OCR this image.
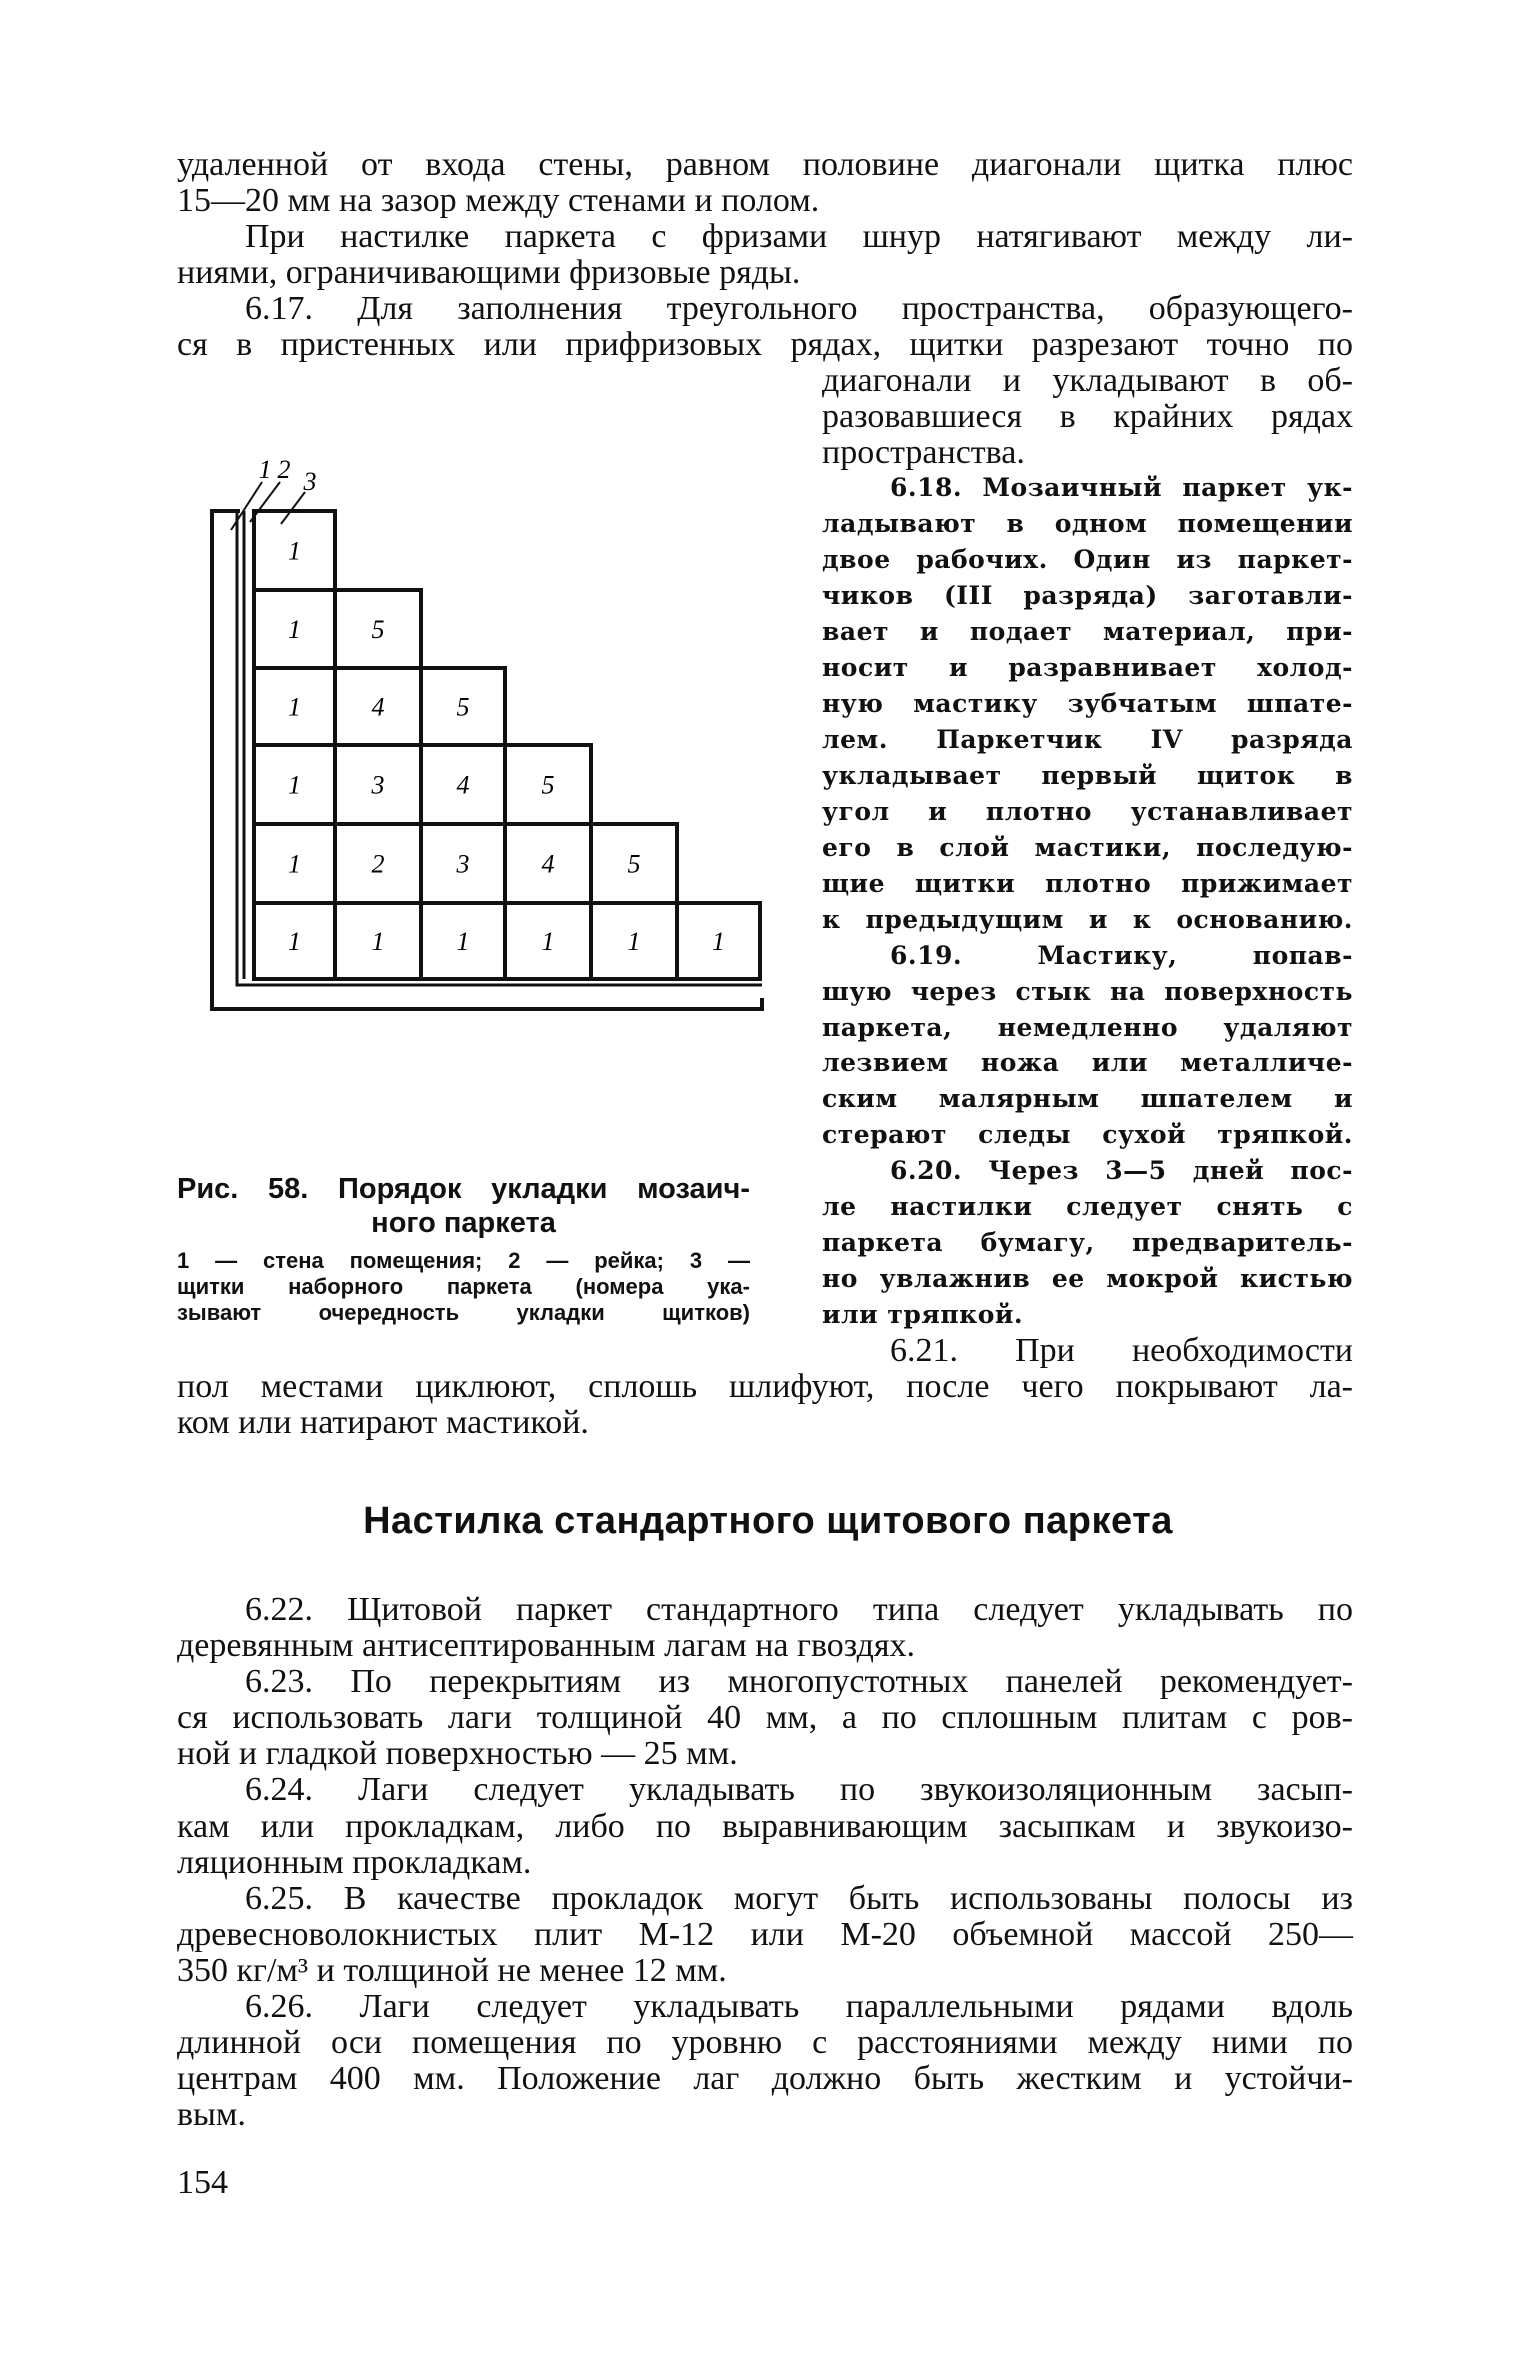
удаленной от входа стены, равном половине диагонали щитка плюс
15—20 мм на зазор между стенами и полом.
При настилке паркета с фризами шнур натягивают между ли-
ниями, ограничивающими фризовые ряды.
6.17. Для заполнения треугольного пространства, образующего-
ся в пристенных или прифризовых рядах, щитки разрезают точно по
диагонали и укладывают в об-
разовавшиеся в крайних рядах
пространства.
6.18. Мозаичный паркет ук-
ладывают в одном помещении
двое рабочих. Один из паркет-
чиков (III разряда) заготавли-
вает и подает материал, при-
носит и разравнивает холод-
ную мастику зубчатым шпате-
лем. Паркетчик IV разряда
укладывает первый щиток в
угол и плотно устанавливает
его в слой мастики, последую-
щие щитки плотно прижимает
к предыдущим и к основанию.
6.19. Мастику, попав-
шую через стык на поверхность
паркета, немедленно удаляют
лезвием ножа или металличе-
ским малярным шпателем и
стерают следы сухой тряпкой.
6.20. Через 3—5 дней пос-
ле настилки следует снять с
паркета бумагу, предваритель-
но увлажнив ее мокрой кистью
или тряпкой.
6.21. При необходимости
пол местами циклюют, сплошь шлифуют, после чего покрывают ла-
ком или натирают мастикой.
1 2 3
1
1	5
1	4	5
1	3	4	5
1	2	3	4	5
1	1	1	1	1	1
Рис. 58. Порядок укладки мозаич-
ного паркета
1 — стена помещения; 2 — рейка; 3 —
щитки наборного паркета (номера ука-
зывают очередность укладки щитков)
Настилка стандартного щитового паркета
6.22. Щитовой паркет стандартного типа следует укладывать по
деревянным антисептированным лагам на гвоздях.
6.23. По перекрытиям из многопустотных панелей рекомендует-
ся использовать лаги толщиной 40 мм, а по сплошным плитам с ров-
ной и гладкой поверхностью — 25 мм.
6.24. Лаги следует укладывать по звукоизоляционным засып-
кам или прокладкам, либо по выравнивающим засыпкам и звукоизо-
ляционным прокладкам.
6.25. В качестве прокладок могут быть использованы полосы из
древесноволокнистых плит М-12 или М-20 объемной массой 250—
350 кг/м³ и толщиной не менее 12 мм.
6.26. Лаги следует укладывать параллельными рядами вдоль
длинной оси помещения по уровню с расстояниями между ними по
центрам 400 мм. Положение лаг должно быть жестким и устойчи-
вым.
154
